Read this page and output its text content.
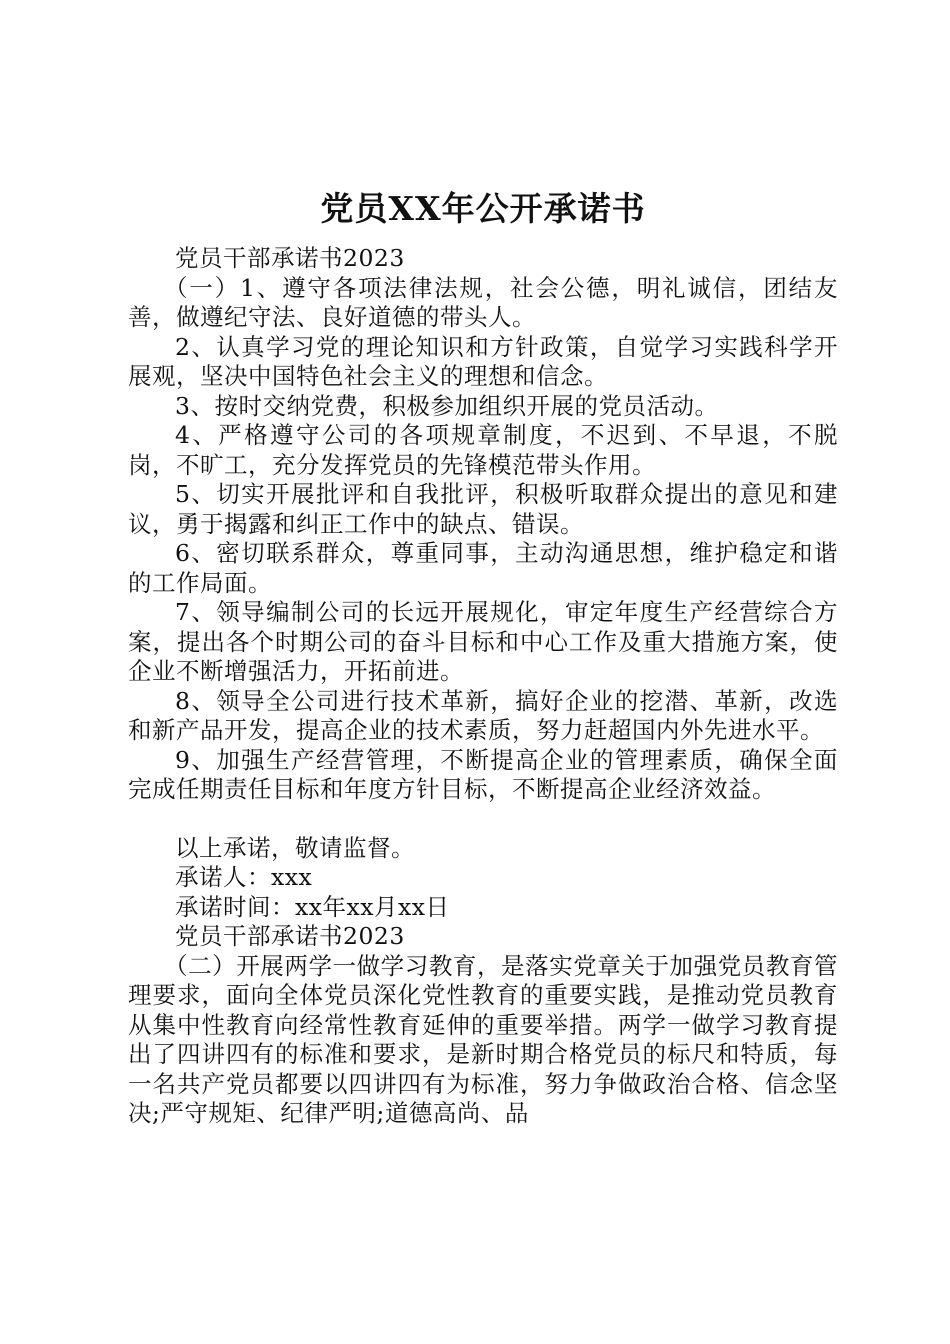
党员XX年公开承诺书

党员干部承诺书2023

（一）1、遵守各项法律法规，社会公德，明礼诚信，团结友善，做遵纪守法、良好道德的带头人。

2、认真学习党的理论知识和方针政策，自觉学习实践科学开展观，坚决中国特色社会主义的理想和信念。

3、按时交纳党费，积极参加组织开展的党员活动。

4、严格遵守公司的各项规章制度，不迟到、不早退，不脱岗，不旷工，充分发挥党员的先锋模范带头作用。

5、切实开展批评和自我批评，积极听取群众提出的意见和建议，勇于揭露和纠正工作中的缺点、错误。

6、密切联系群众，尊重同事，主动沟通思想，维护稳定和谐的工作局面。

7、领导编制公司的长远开展规化，审定年度生产经营综合方案，提出各个时期公司的奋斗目标和中心工作及重大措施方案，使企业不断增强活力，开拓前进。

8、领导全公司进行技术革新，搞好企业的挖潜、革新，改选和新产品开发，提高企业的技术素质，努力赶超国内外先进水平。

9、加强生产经营管理，不断提高企业的管理素质，确保全面完成任期责任目标和年度方针目标，不断提高企业经济效益。

以上承诺，敬请监督。

承诺人：xxx

承诺时间：xx年xx月xx日

党员干部承诺书2023

（二）开展两学一做学习教育，是落实党章关于加强党员教育管理要求，面向全体党员深化党性教育的重要实践，是推动党员教育从集中性教育向经常性教育延伸的重要举措。两学一做学习教育提出了四讲四有的标准和要求，是新时期合格党员的标尺和特质，每一名共产党员都要以四讲四有为标准，努力争做政治合格、信念坚决;严守规矩、纪律严明;道德高尚、品
